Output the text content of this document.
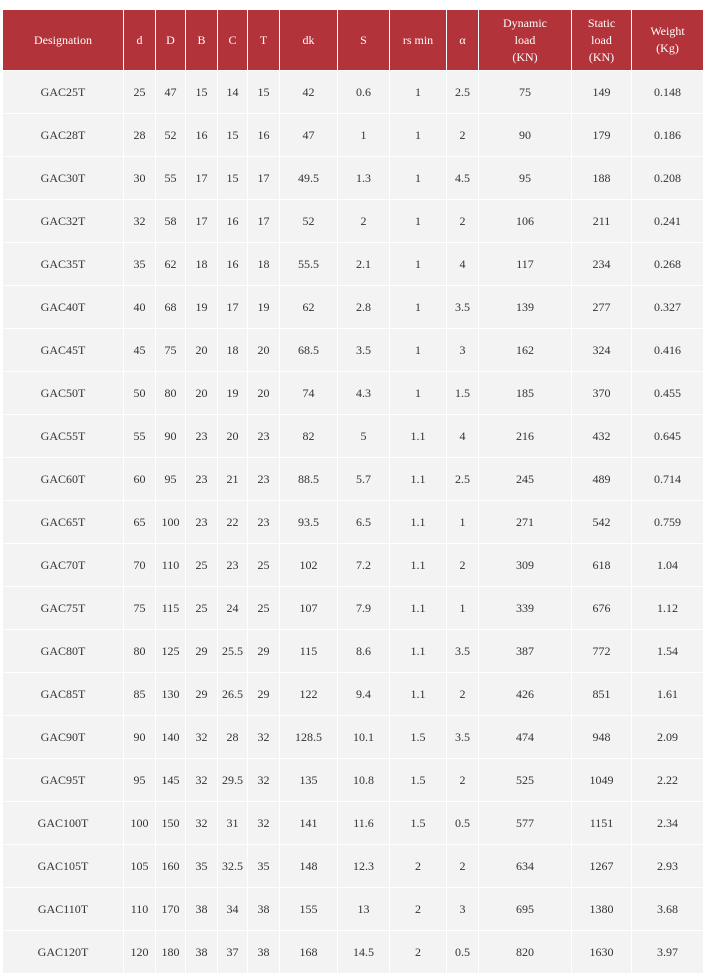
Designation	d	D	B	C	T	dk	S	rs min	α	Dynamic
load
(KN)	Static
load
(KN)	Weight
(Kg)
GAC25T	25	47	15	14	15	42	0.6	1	2.5	75	149	0.148
GAC28T	28	52	16	15	16	47	1	1	2	90	179	0.186
GAC30T	30	55	17	15	17	49.5	1.3	1	4.5	95	188	0.208
GAC32T	32	58	17	16	17	52	2	1	2	106	211	0.241
GAC35T	35	62	18	16	18	55.5	2.1	1	4	117	234	0.268
GAC40T	40	68	19	17	19	62	2.8	1	3.5	139	277	0.327
GAC45T	45	75	20	18	20	68.5	3.5	1	3	162	324	0.416
GAC50T	50	80	20	19	20	74	4.3	1	1.5	185	370	0.455
GAC55T	55	90	23	20	23	82	5	1.1	4	216	432	0.645
GAC60T	60	95	23	21	23	88.5	5.7	1.1	2.5	245	489	0.714
GAC65T	65	100	23	22	23	93.5	6.5	1.1	1	271	542	0.759
GAC70T	70	110	25	23	25	102	7.2	1.1	2	309	618	1.04
GAC75T	75	115	25	24	25	107	7.9	1.1	1	339	676	1.12
GAC80T	80	125	29	25.5	29	115	8.6	1.1	3.5	387	772	1.54
GAC85T	85	130	29	26.5	29	122	9.4	1.1	2	426	851	1.61
GAC90T	90	140	32	28	32	128.5	10.1	1.5	3.5	474	948	2.09
GAC95T	95	145	32	29.5	32	135	10.8	1.5	2	525	1049	2.22
GAC100T	100	150	32	31	32	141	11.6	1.5	0.5	577	1151	2.34
GAC105T	105	160	35	32.5	35	148	12.3	2	2	634	1267	2.93
GAC110T	110	170	38	34	38	155	13	2	3	695	1380	3.68
GAC120T	120	180	38	37	38	168	14.5	2	0.5	820	1630	3.97
